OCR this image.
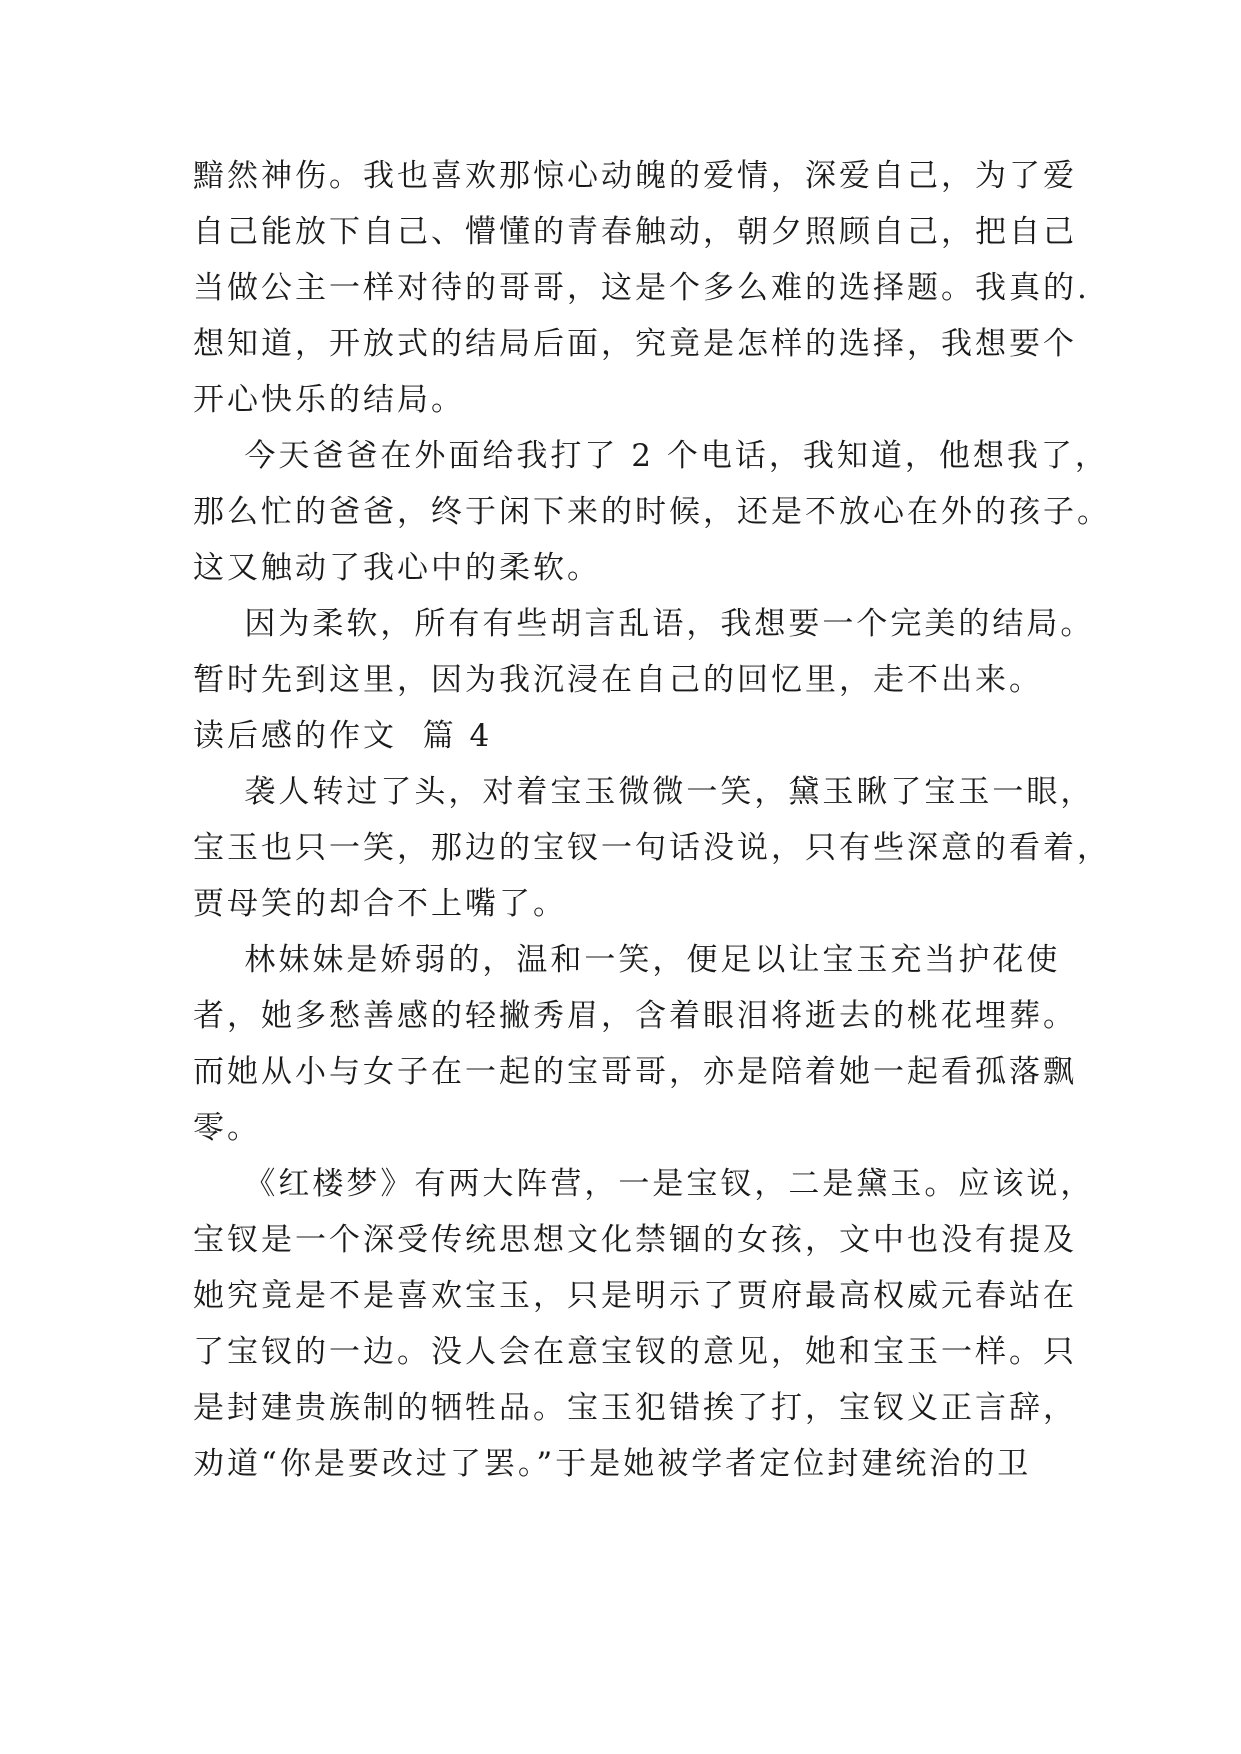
黯然神伤。我也喜欢那惊心动魄的爱情，深爱自己，为了爱
自己能放下自己、懵懂的青春触动，朝夕照顾自己，把自己
当做公主一样对待的哥哥，这是个多么难的选择题。我真的.
想知道，开放式的结局后面，究竟是怎样的选择，我想要个
开心快乐的结局。
今天爸爸在外面给我打了 2 个电话，我知道，他想我了，
那么忙的爸爸，终于闲下来的时候，还是不放心在外的孩子。
这又触动了我心中的柔软。
因为柔软，所有有些胡言乱语，我想要一个完美的结局。
暂时先到这里，因为我沉浸在自己的回忆里，走不出来。
读后感的作文  篇 4
袭人转过了头，对着宝玉微微一笑，黛玉瞅了宝玉一眼，
宝玉也只一笑，那边的宝钗一句话没说，只有些深意的看着，
贾母笑的却合不上嘴了。
林妹妹是娇弱的，温和一笑，便足以让宝玉充当护花使
者，她多愁善感的轻撇秀眉，含着眼泪将逝去的桃花埋葬。
而她从小与女子在一起的宝哥哥，亦是陪着她一起看孤落飘
零。
《红楼梦》有两大阵营，一是宝钗，二是黛玉。应该说，
宝钗是一个深受传统思想文化禁锢的女孩，文中也没有提及
她究竟是不是喜欢宝玉，只是明示了贾府最高权威元春站在
了宝钗的一边。没人会在意宝钗的意见，她和宝玉一样。只
是封建贵族制的牺牲品。宝玉犯错挨了打，宝钗义正言辞，
劝道“你是要改过了罢。”于是她被学者定位封建统治的卫
